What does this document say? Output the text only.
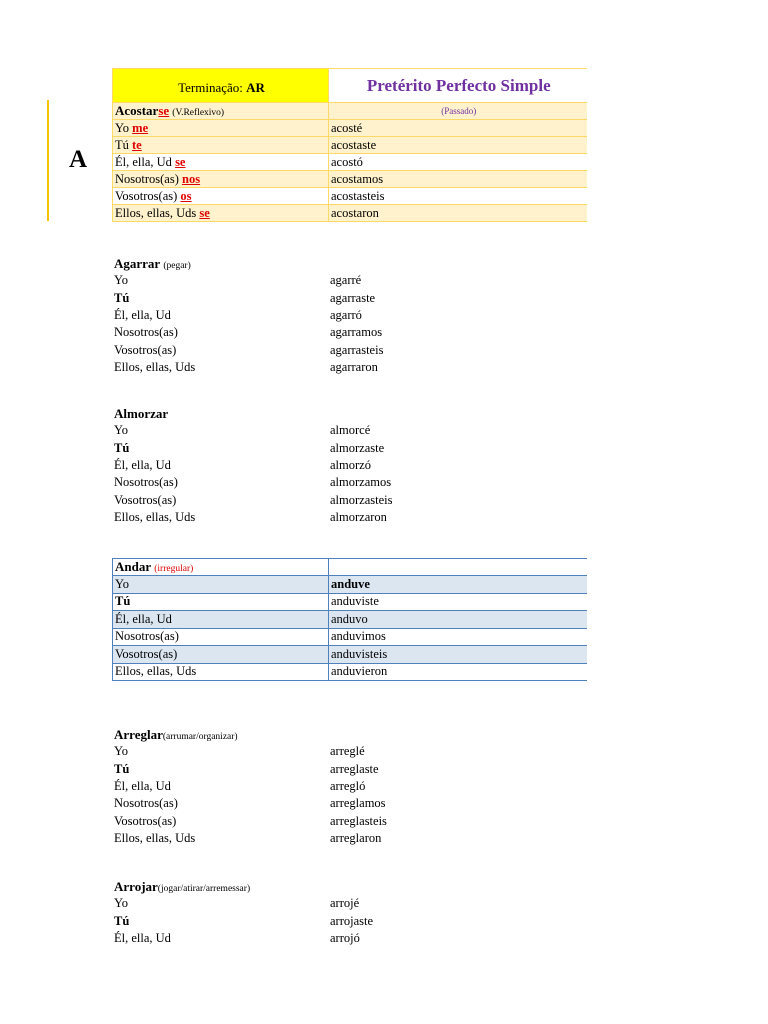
A
Terminação: AR	Pretérito Perfecto Simple
Acostarse (V.Reflexivo)	(Passado)
Yo me	acosté
Tú te	acostaste
Él, ella, Ud se	acostó
Nosotros(as) nos	acostamos
Vosotros(as) os	acostasteis
Ellos, ellas, Uds se	acostaron
Agarrar (pegar)	
Yo	agarré
Tú	agarraste
Él, ella, Ud	agarró
Nosotros(as)	agarramos
Vosotros(as)	agarrasteis
Ellos, ellas, Uds	agarraron
Almorzar	
Yo	almorcé
Tú	almorzaste
Él, ella, Ud	almorzó
Nosotros(as)	almorzamos
Vosotros(as)	almorzasteis
Ellos, ellas, Uds	almorzaron
Andar (irregular)	
Yo	anduve
Tú	anduviste
Él, ella, Ud	anduvo
Nosotros(as)	anduvimos
Vosotros(as)	anduvisteis
Ellos, ellas, Uds	anduvieron
Arreglar(arrumar/organizar)	
Yo	arreglé
Tú	arreglaste
Él, ella, Ud	arregló
Nosotros(as)	arreglamos
Vosotros(as)	arreglasteis
Ellos, ellas, Uds	arreglaron
Arrojar(jogar/atirar/arremessar)	
Yo	arrojé
Tú	arrojaste
Él, ella, Ud	arrojó
